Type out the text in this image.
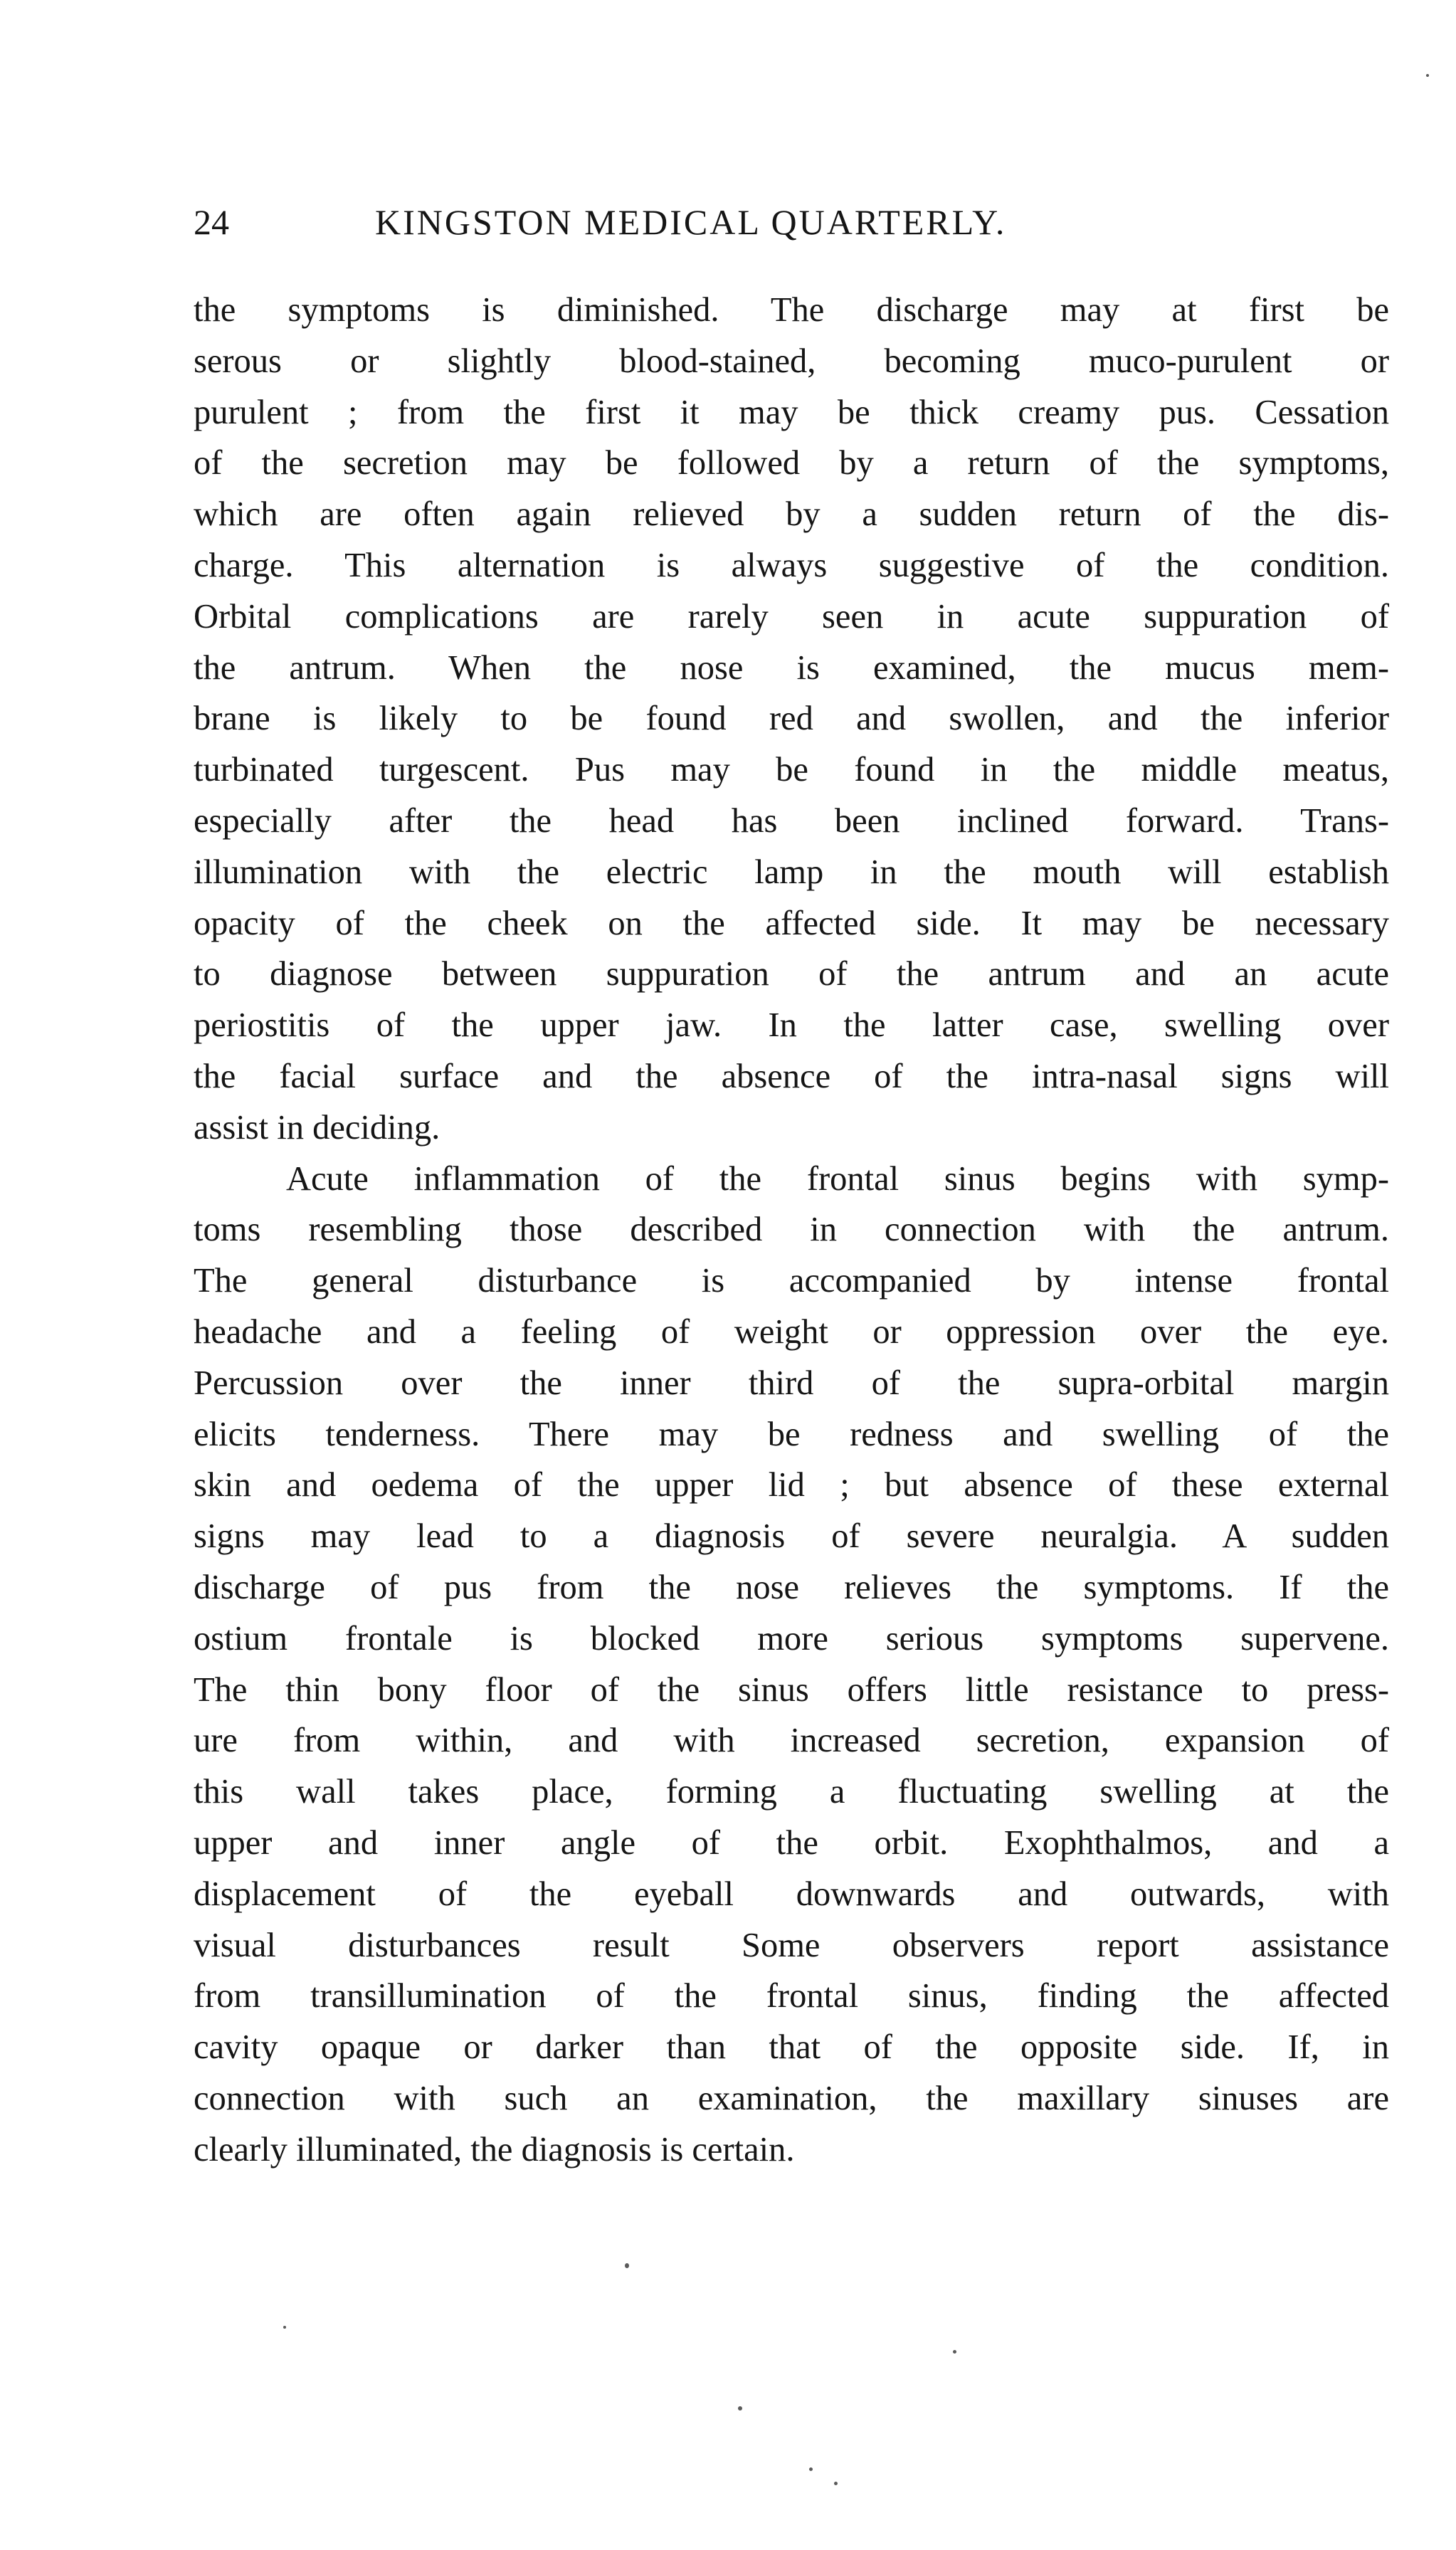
24	KINGSTON MEDICAL QUARTERLY.
the symptoms is diminished. The discharge may at first be
serous or slightly blood-stained, becoming muco-purulent or
purulent ; from the first it may be thick creamy pus. Cessation
of the secretion may be followed by a return of the symptoms,
which are often again relieved by a sudden return of the dis-
charge. This alternation is always suggestive of the condition.
Orbital complications are rarely seen in acute suppuration of
the antrum. When the nose is examined, the mucus mem-
brane is likely to be found red and swollen, and the inferior
turbinated turgescent. Pus may be found in the middle meatus,
especially after the head has been inclined forward. Trans-
illumination with the electric lamp in the mouth will establish
opacity of the cheek on the affected side. It may be necessary
to diagnose between suppuration of the antrum and an acute
periostitis of the upper jaw. In the latter case, swelling over
the facial surface and the absence of the intra-nasal signs will
assist in deciding.
Acute inflammation of the frontal sinus begins with symp-
toms resembling those described in connection with the antrum.
The general disturbance is accompanied by intense frontal
headache and a feeling of weight or oppression over the eye.
Percussion over the inner third of the supra-orbital margin
elicits tenderness. There may be redness and swelling of the
skin and oedema of the upper lid ; but absence of these external
signs may lead to a diagnosis of severe neuralgia. A sudden
discharge of pus from the nose relieves the symptoms. If the
ostium frontale is blocked more serious symptoms supervene.
The thin bony floor of the sinus offers little resistance to press-
ure from within, and with increased secretion, expansion of
this wall takes place, forming a fluctuating swelling at the
upper and inner angle of the orbit. Exophthalmos, and a
displacement of the eyeball downwards and outwards, with
visual disturbances result Some observers report assistance
from transillumination of the frontal sinus, finding the affected
cavity opaque or darker than that of the opposite side. If, in
connection with such an examination, the maxillary sinuses are
clearly illuminated, the diagnosis is certain.
